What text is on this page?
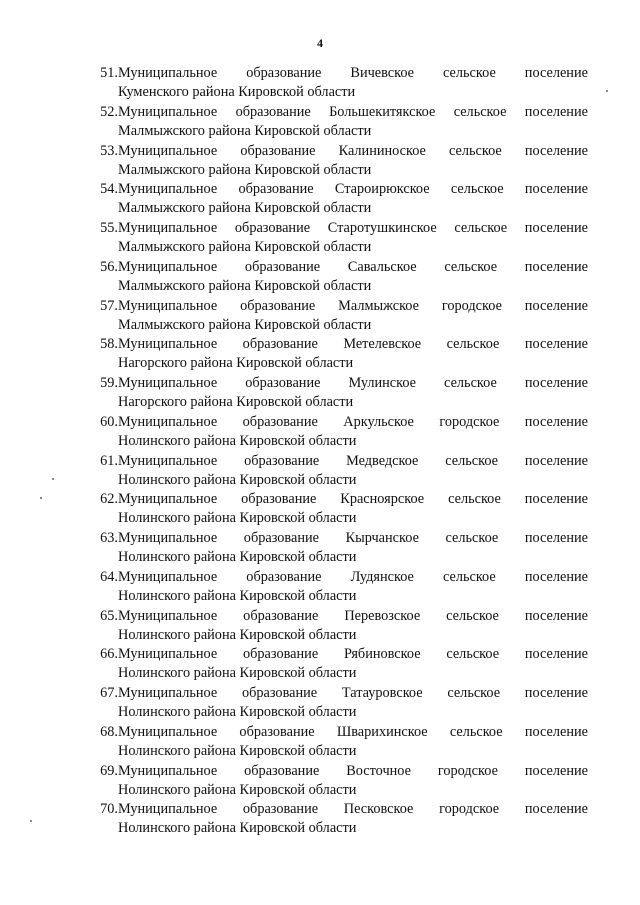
4
51. Муниципальное образование Вичевское сельское поселение
Куменского района Кировской области
52. Муниципальное образование Большекитякское сельское поселение
Малмыжского района Кировской области
53. Муниципальное образование Калининоское сельское поселение
Малмыжского района Кировской области
54. Муниципальное образование Староирюкское сельское поселение
Малмыжского района Кировской области
55. Муниципальное образование Старотушкинское сельское поселение
Малмыжского района Кировской области
56. Муниципальное образование Савальское сельское поселение
Малмыжского района Кировской области
57. Муниципальное образование Малмыжское городское поселение
Малмыжского района Кировской области
58. Муниципальное образование Метелевское сельское поселение
Нагорского района Кировской области
59. Муниципальное образование Мулинское сельское поселение
Нагорского района Кировской области
60. Муниципальное образование Аркульское городское поселение
Нолинского района Кировской области
61. Муниципальное образование Медведское сельское поселение
Нолинского района Кировской области
62. Муниципальное образование Красноярское сельское поселение
Нолинского района Кировской области
63. Муниципальное образование Кырчанское сельское поселение
Нолинского района Кировской области
64. Муниципальное образование Лудянское сельское поселение
Нолинского района Кировской области
65. Муниципальное образование Перевозское сельское поселение
Нолинского района Кировской области
66. Муниципальное образование Рябиновское сельское поселение
Нолинского района Кировской области
67. Муниципальное образование Татауровское сельское поселение
Нолинского района Кировской области
68. Муниципальное образование Шварихинское сельское поселение
Нолинского района Кировской области
69. Муниципальное образование Восточное городское поселение
Нолинского района Кировской области
70. Муниципальное образование Песковское городское поселение
Нолинского района Кировской области
